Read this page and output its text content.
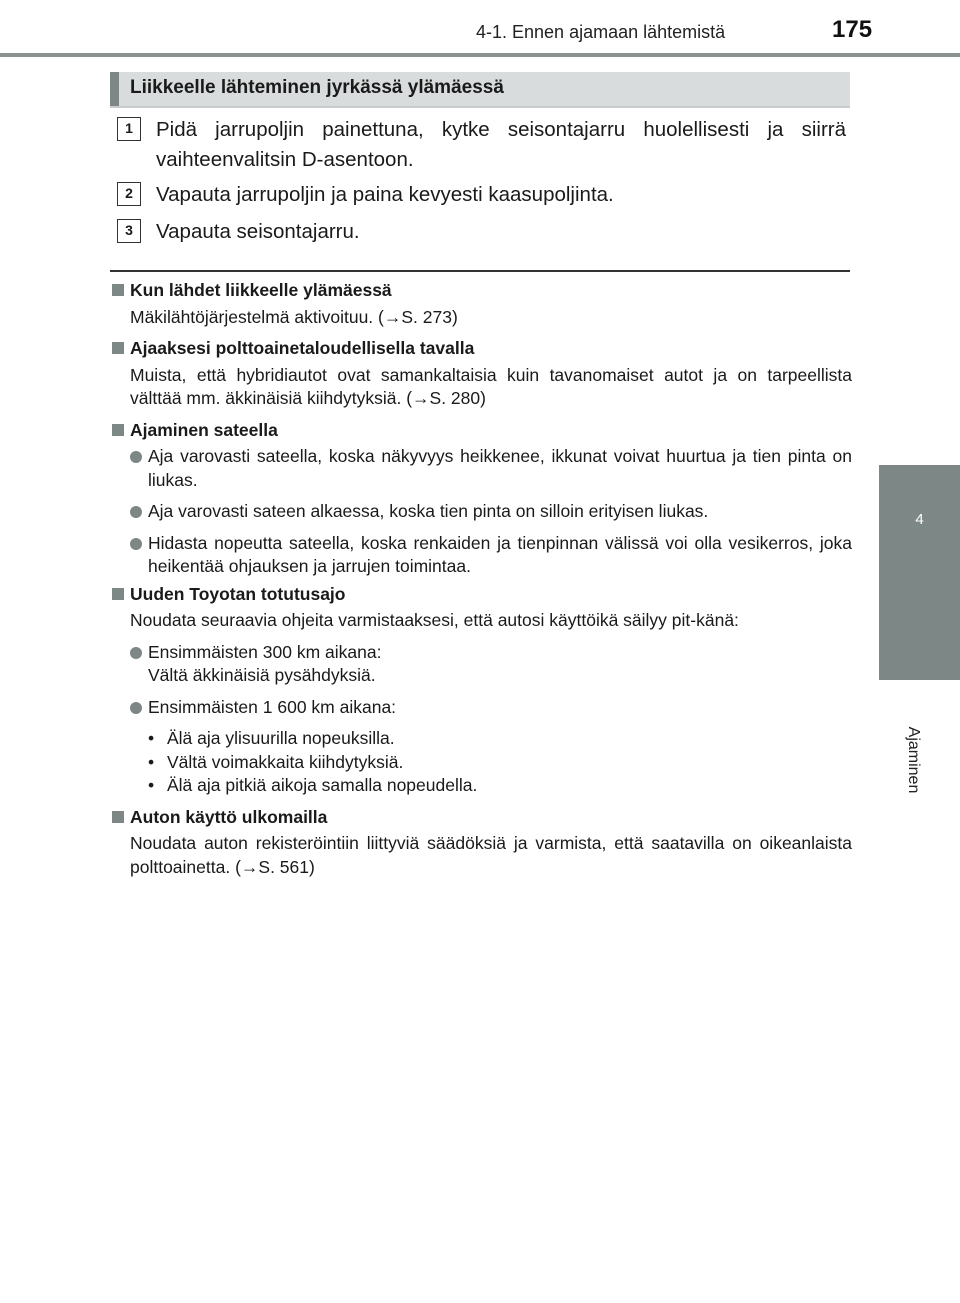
4-1. Ennen ajamaan lähtemistä	175
4
Ajaminen
Liikkeelle lähteminen jyrkässä ylämäessä
1	Pidä jarrupoljin painettuna, kytke seisontajarru huolellisesti ja siirrä vaihteenvalitsin D-asentoon.
2	Vapauta jarrupoljin ja paina kevyesti kaasupoljinta.
3	Vapauta seisontajarru.
Kun lähdet liikkeelle ylämäessä
Mäkilähtöjärjestelmä aktivoituu. (→S. 273)
Ajaaksesi polttoainetaloudellisella tavalla
Muista, että hybridiautot ovat samankaltaisia kuin tavanomaiset autot ja on tarpeellista välttää mm. äkkinäisiä kiihdytyksiä. (→S. 280)
Ajaminen sateella
Aja varovasti sateella, koska näkyvyys heikkenee, ikkunat voivat huurtua ja tien pinta on liukas.
Aja varovasti sateen alkaessa, koska tien pinta on silloin erityisen liukas.
Hidasta nopeutta sateella, koska renkaiden ja tienpinnan välissä voi olla vesikerros, joka heikentää ohjauksen ja jarrujen toimintaa.
Uuden Toyotan totutusajo
Noudata seuraavia ohjeita varmistaaksesi, että autosi käyttöikä säilyy pit-känä:
Ensimmäisten 300 km aikana:
Vältä äkkinäisiä pysähdyksiä.
Ensimmäisten 1 600 km aikana:
• Älä aja ylisuurilla nopeuksilla.
• Vältä voimakkaita kiihdytyksiä.
• Älä aja pitkiä aikoja samalla nopeudella.
Auton käyttö ulkomailla
Noudata auton rekisteröintiin liittyviä säädöksiä ja varmista, että saatavilla on oikeanlaista polttoainetta. (→S. 561)
